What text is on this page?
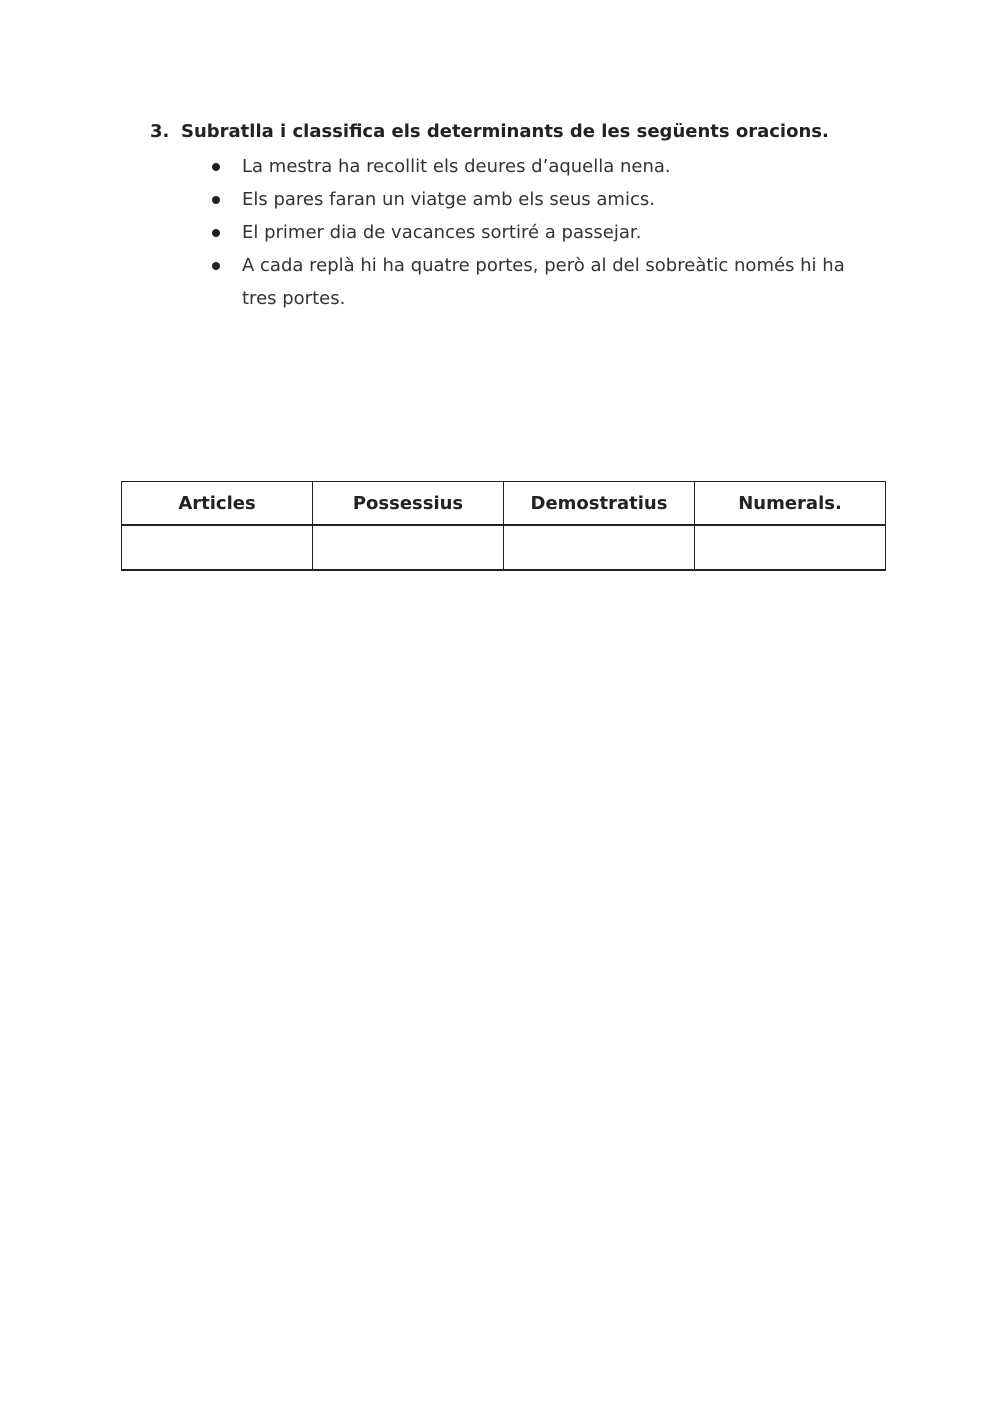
3. Subratlla i classifica els determinants de les següents oracions.
La mestra ha recollit els deures d’aquella nena.
Els pares faran un viatge amb els seus amics.
El primer dia de vacances sortiré a passejar.
A cada replà hi ha quatre portes, però al del sobreàtic només hi ha tres portes.
Articles	Possessius	Demostratius	Numerals.
